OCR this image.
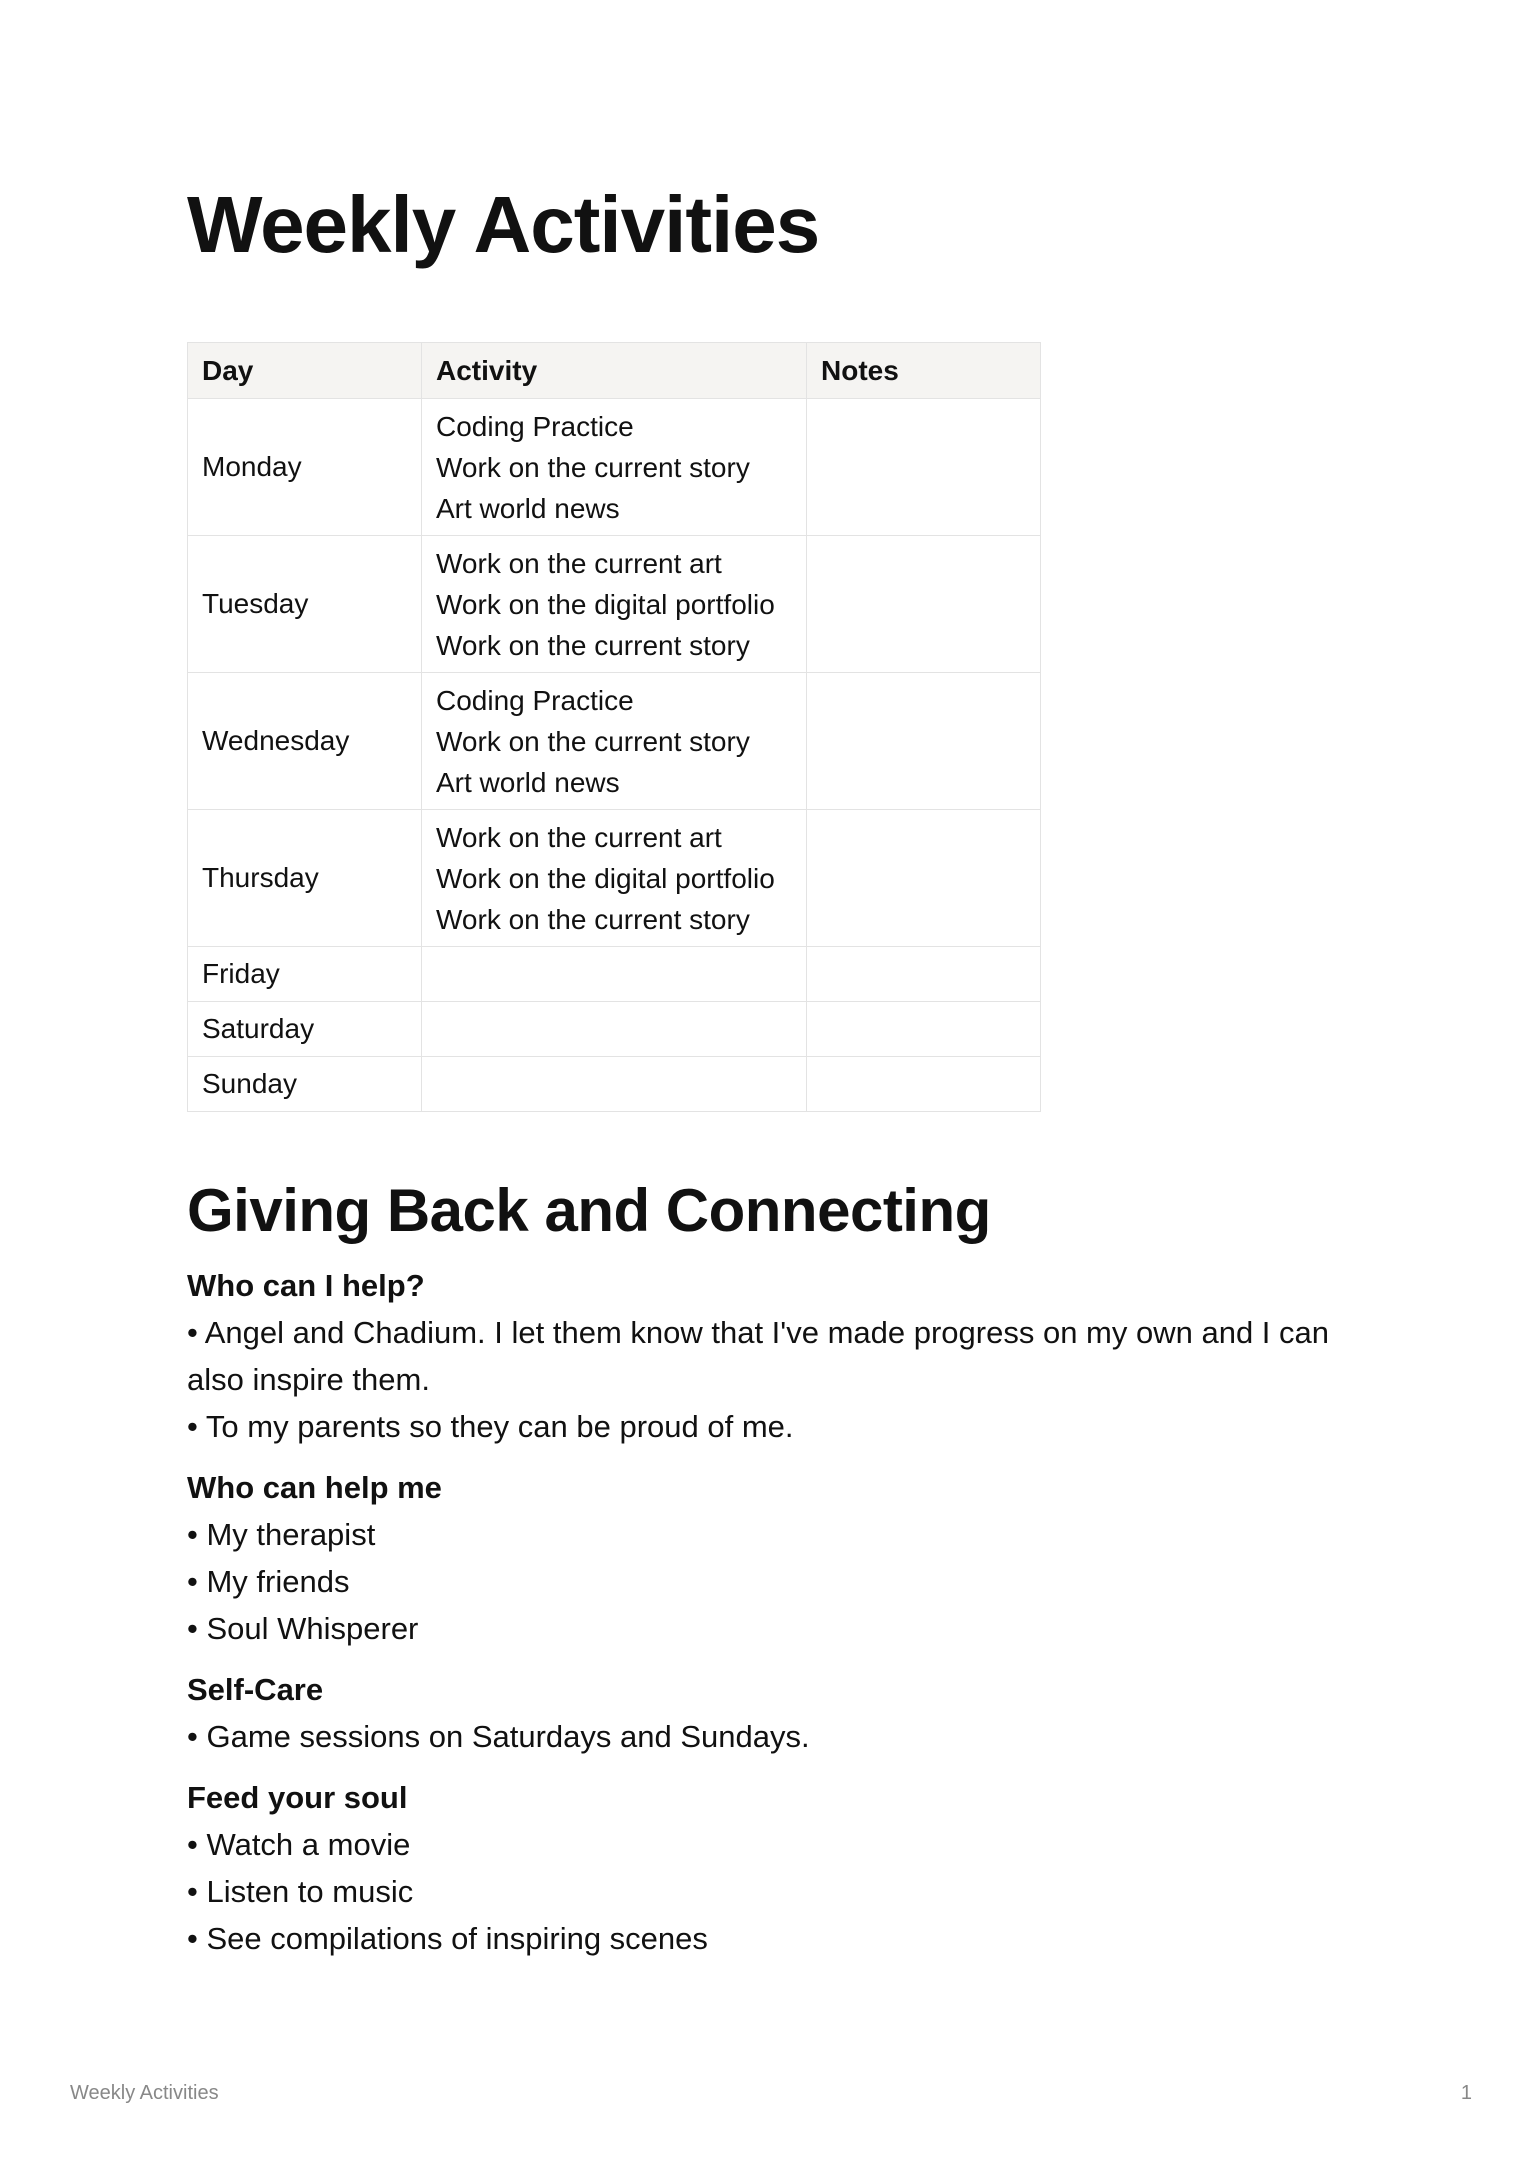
Weekly Activities
Day	Activity	Notes
Monday	Coding Practice
Work on the current story
Art world news	

Tuesday	Work on the current art
Work on the digital portfolio
Work on the current story	

Wednesday	Coding Practice
Work on the current story
Art world news	

Thursday	Work on the current art
Work on the digital portfolio
Work on the current story	

Friday		
Saturday		
Sunday		
Giving Back and Connecting

Who can I help?

• Angel and Chadium. I let them know that I've made progress on my own and I can also inspire them.

• To my parents so they can be proud of me.

Who can help me

• My therapist

• My friends

• Soul Whisperer

Self-Care

• Game sessions on Saturdays and Sundays.

Feed your soul

• Watch a movie

• Listen to music

• See compilations of inspiring scenes

Weekly Activities	1
